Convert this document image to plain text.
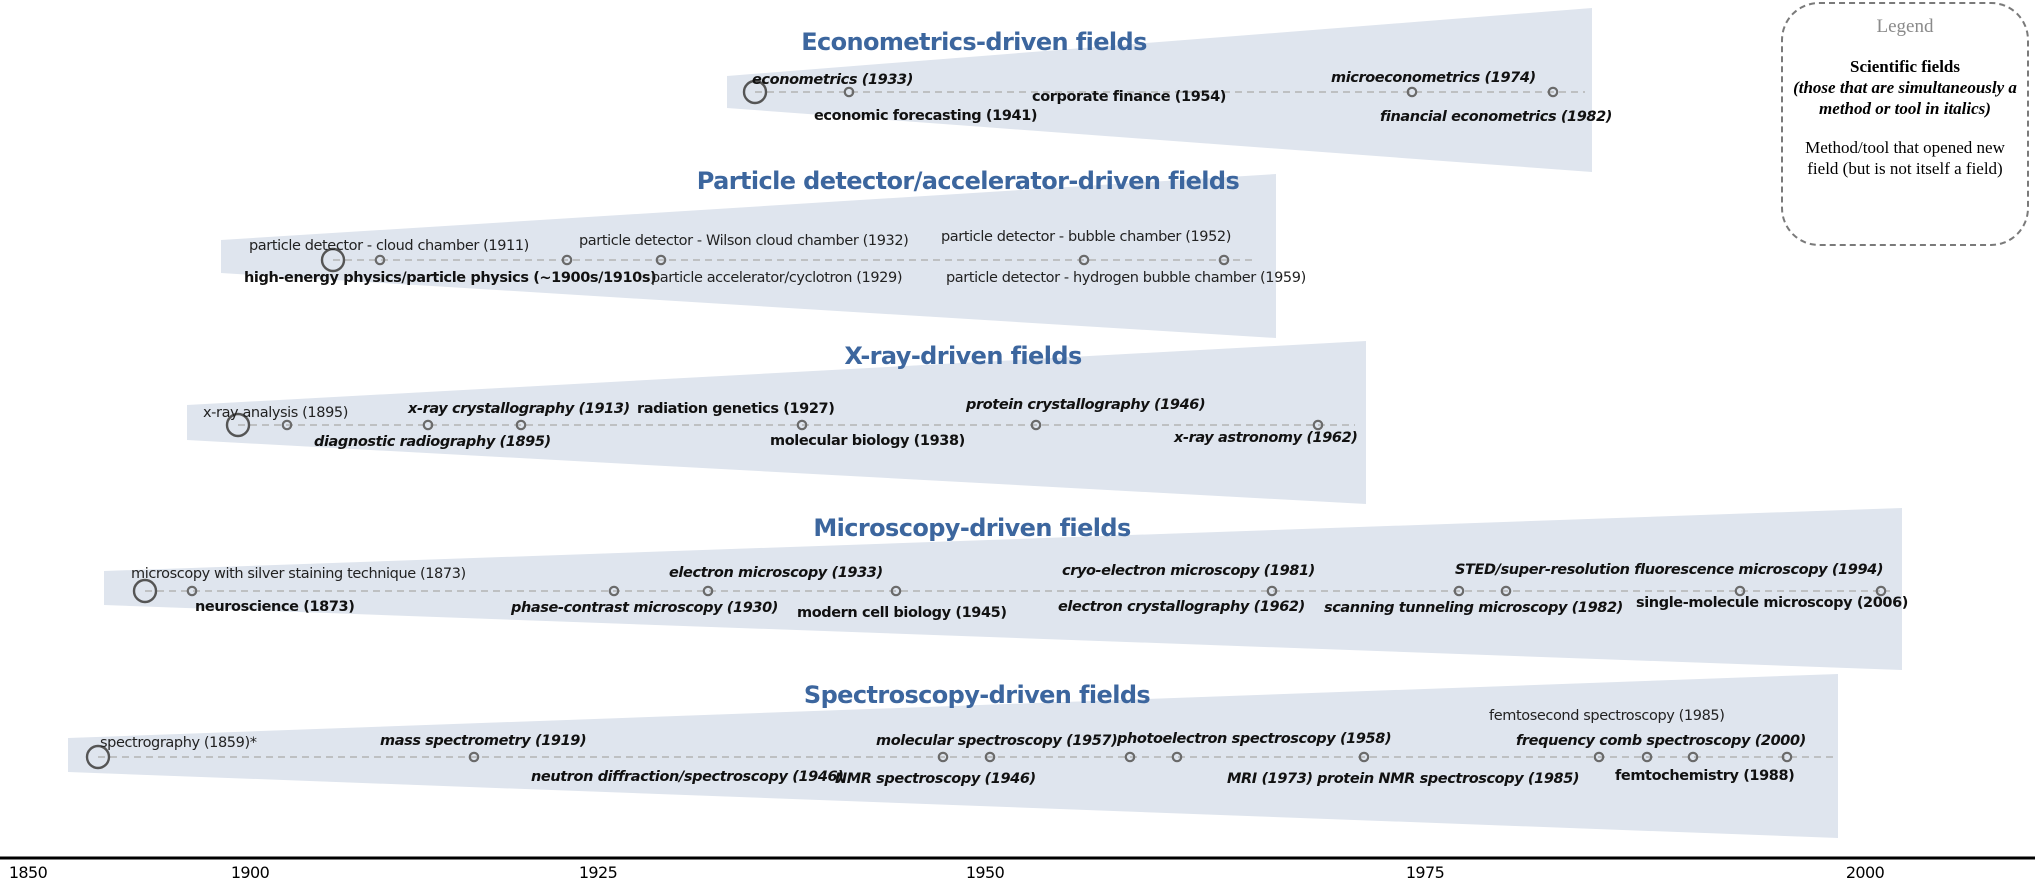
Econometrics-driven fields
econometrics (1933)
economic forecasting (1941)
corporate finance (1954)
microeconometrics (1974)
financial econometrics (1982)
Particle detector/accelerator-driven fields
particle detector - cloud chamber (1911)
high-energy physics/particle physics (~1900s/1910s)
particle detector - Wilson cloud chamber (1932)
particle accelerator/cyclotron (1929)
particle detector - bubble chamber (1952)
particle detector - hydrogen bubble chamber (1959)
X-ray-driven fields
x-ray analysis (1895)
diagnostic radiography (1895)
x-ray crystallography (1913) radiation genetics (1927)
molecular biology (1938)
protein crystallography (1946)
x-ray astronomy (1962)
Microscopy-driven fields
microscopy with silver staining technique (1873)
neuroscience (1873)	phase-contrast microscopy (1930)
electron microscopy (1933)
modern cell biology (1945)
cryo-electron microscopy (1981)
electron crystallography (1962) scanning tunneling microscopy (1982)
STED/super-resolution fluorescence microscopy (1994)
single-molecule microscopy (2006)
Spectroscopy-driven fields
spectrography (1859)*	mass spectrometry (1919)
neutron diffraction/spectroscopy (1946)
molecular spectroscopy (1957)
NMR spectroscopy (1946)
photoelectron spectroscopy (1958)
MRI (1973) protein NMR spectroscopy (1985)
femtosecond spectroscopy (1985)
frequency comb spectroscopy (2000)
femtochemistry (1988)
1850	1900	1925	1950	1975	2000
Legend
Scientific fields
(those that are simultaneously a method or tool in italics)
Method/tool that opened new field (but is not itself a field)
